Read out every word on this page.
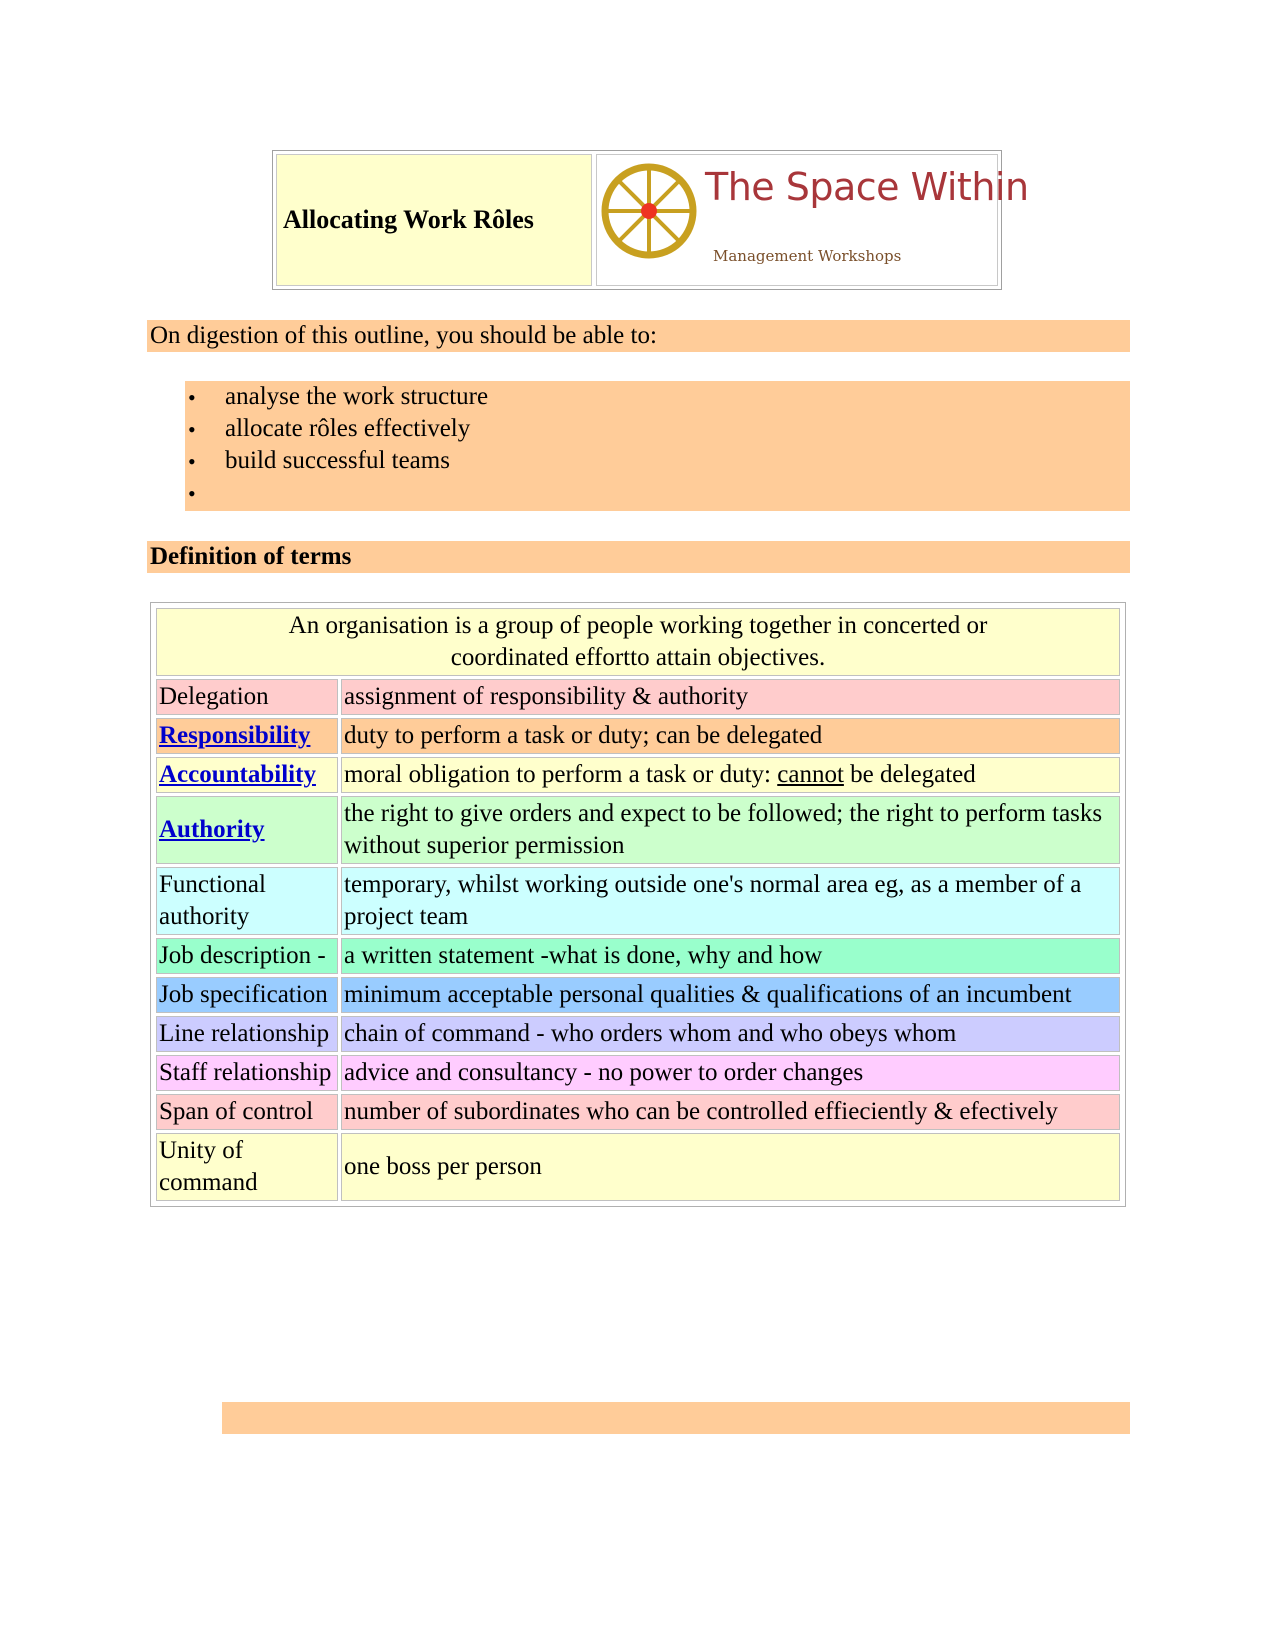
Allocating Work Rôles
The Space Within
Management Workshops
On digestion of this outline, you should be able to:
• analyse the work structure
• allocate rôles effectively
• build successful teams
•
Definition of terms
An organisation is a group of people working together in concerted or
coordinated effortto attain objectives.	
Delegation	assignment of responsibility & authority
Responsibility	duty to perform a task or duty; can be delegated
Accountability	moral obligation to perform a task or duty: cannot be delegated
Authority	the right to give orders and expect to be followed; the right to perform tasks without superior permission
Functional authority	temporary, whilst working outside one's normal area eg, as a member of a project team
Job description -	a written statement -what is done, why and how
Job specification	minimum acceptable personal qualities & qualifications of an incumbent
Line relationship	chain of command - who orders whom and who obeys whom
Staff relationship	advice and consultancy - no power to order changes
Span of control	number of subordinates who can be controlled effieciently & efectively
Unity of command	one boss per person
